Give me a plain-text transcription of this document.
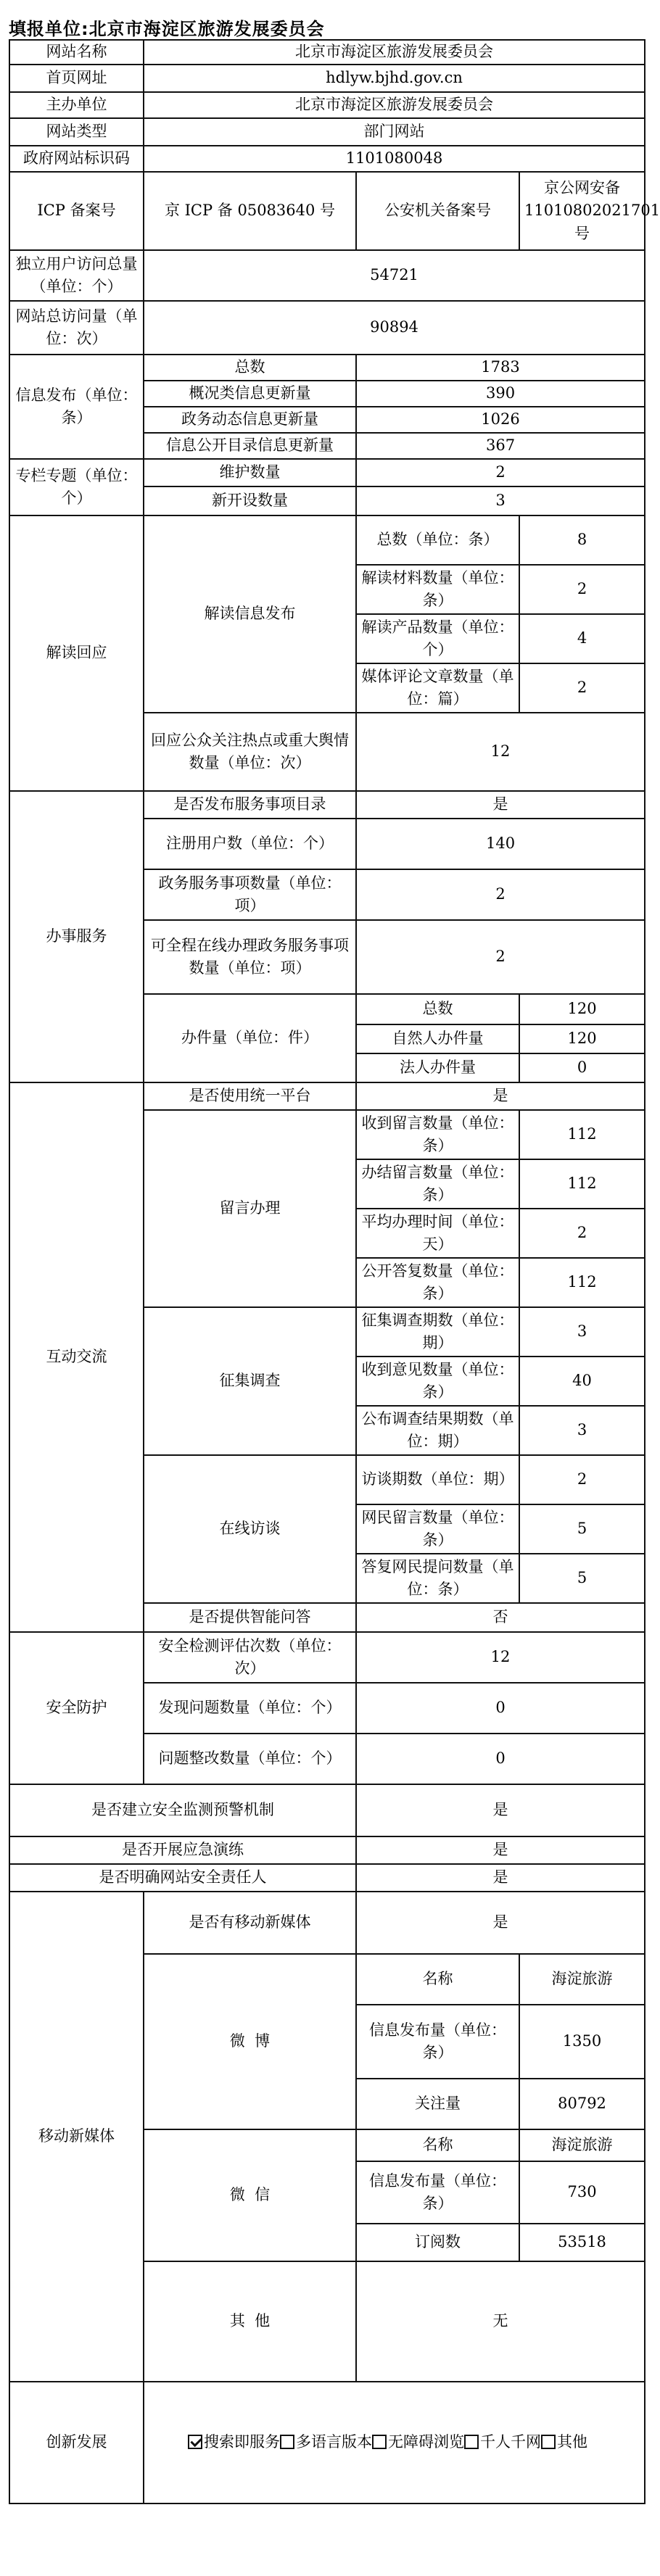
填报单位:北京市海淀区旅游发展委员会
网站名称	北京市海淀区旅游发展委员会		
首页网址	hdlyw.bjhd.gov.cn		
主办单位	北京市海淀区旅游发展委员会		
网站类型	部门网站		
政府网站标识码	1101080048		
ICP 备案号	京 ICP 备 05083640 号	公安机关备案号	京公网安备 11010802021701 号
独立用户访问总量（单位：个）	54721		
网站总访问量（单位：次）	90894		
信息发布（单位：条）	总数	1783	
	概况类信息更新量	390	
	政务动态信息更新量	1026	
	信息公开目录信息更新量	367	
专栏专题（单位：个）	维护数量	2	
	新开设数量	3	
解读回应	解读信息发布	总数（单位：条）	8
		解读材料数量（单位：条）	2
		解读产品数量（单位：个）	4
		媒体评论文章数量（单位：篇）	2
	回应公众关注热点或重大舆情数量（单位：次）	12	
办事服务	是否发布服务事项目录	是	
	注册用户数（单位：个）	140	
	政务服务事项数量（单位：项）	2	
	可全程在线办理政务服务事项数量（单位：项）	2	
	办件量（单位：件）	总数	120
		自然人办件量	120
		法人办件量	0
互动交流	是否使用统一平台	是	
	留言办理	收到留言数量（单位：条）	112
		办结留言数量（单位：条）	112
		平均办理时间（单位：天）	2
		公开答复数量（单位：条）	112
	征集调查	征集调查期数（单位：期）	3
		收到意见数量（单位：条）	40
		公布调查结果期数（单位：期）	3
	在线访谈	访谈期数（单位：期）	2
		网民留言数量（单位：条）	5
		答复网民提问数量（单位：条）	5
	是否提供智能问答	否	
安全防护	安全检测评估次数（单位：次）	12	
	发现问题数量（单位：个）	0	
	问题整改数量（单位：个）	0	
是否建立安全监测预警机制		是	
是否开展应急演练		是	
是否明确网站安全责任人		是	
移动新媒体	是否有移动新媒体	是	
	微  博	名称	海淀旅游
		信息发布量（单位：条）	1350
		关注量	80792
	微  信	名称	海淀旅游
		信息发布量（单位：条）	730
		订阅数	53518
	其  他	无	
创新发展	搜索即服务 多语言版本 无障碍浏览 千人千网 其他		
